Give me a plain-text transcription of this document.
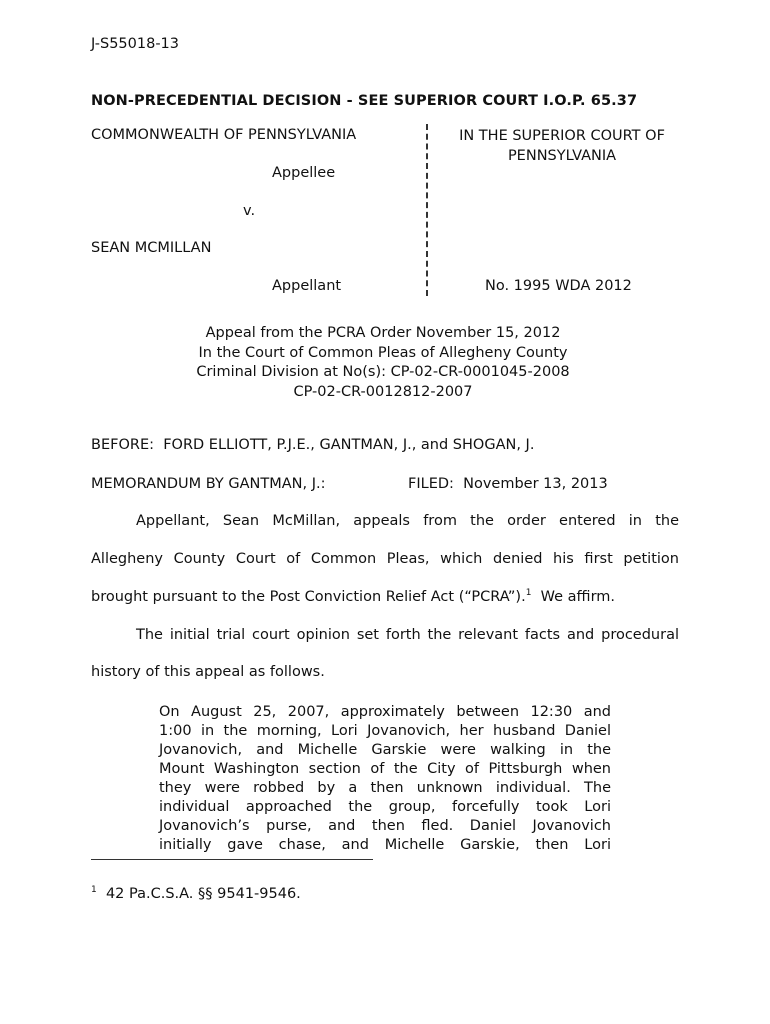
J-S55018-13
NON-PRECEDENTIAL DECISION - SEE SUPERIOR COURT I.O.P. 65.37
COMMONWEALTH OF PENNSYLVANIA
Appellee
v.
SEAN MCMILLAN
Appellant
IN THE SUPERIOR COURT OF
PENNSYLVANIA
No. 1995 WDA 2012
Appeal from the PCRA Order November 15, 2012
In the Court of Common Pleas of Allegheny County
Criminal Division at No(s): CP-02-CR-0001045-2008
CP-02-CR-0012812-2007
BEFORE:  FORD ELLIOTT, P.J.E., GANTMAN, J., and SHOGAN, J.
MEMORANDUM BY GANTMAN, J.:	FILED:  November 13, 2013
Appellant, Sean McMillan, appeals from the order entered in the
Allegheny County Court of Common Pleas, which denied his first petition
brought pursuant to the Post Conviction Relief Act (“PCRA”).$^1$ We affirm.
The initial trial court opinion set forth the relevant facts and procedural
history of this appeal as follows.
On August 25, 2007, approximately between 12:30 and
1:00 in the morning, Lori Jovanovich, her husband Daniel
Jovanovich, and Michelle Garskie were walking in the
Mount Washington section of the City of Pittsburgh when
they were robbed by a then unknown individual. The
individual approached the group, forcefully took Lori
Jovanovich’s purse, and then fled. Daniel Jovanovich
initially gave chase, and Michelle Garskie, then Lori
$^1$ 42 Pa.C.S.A. §§ 9541-9546.
